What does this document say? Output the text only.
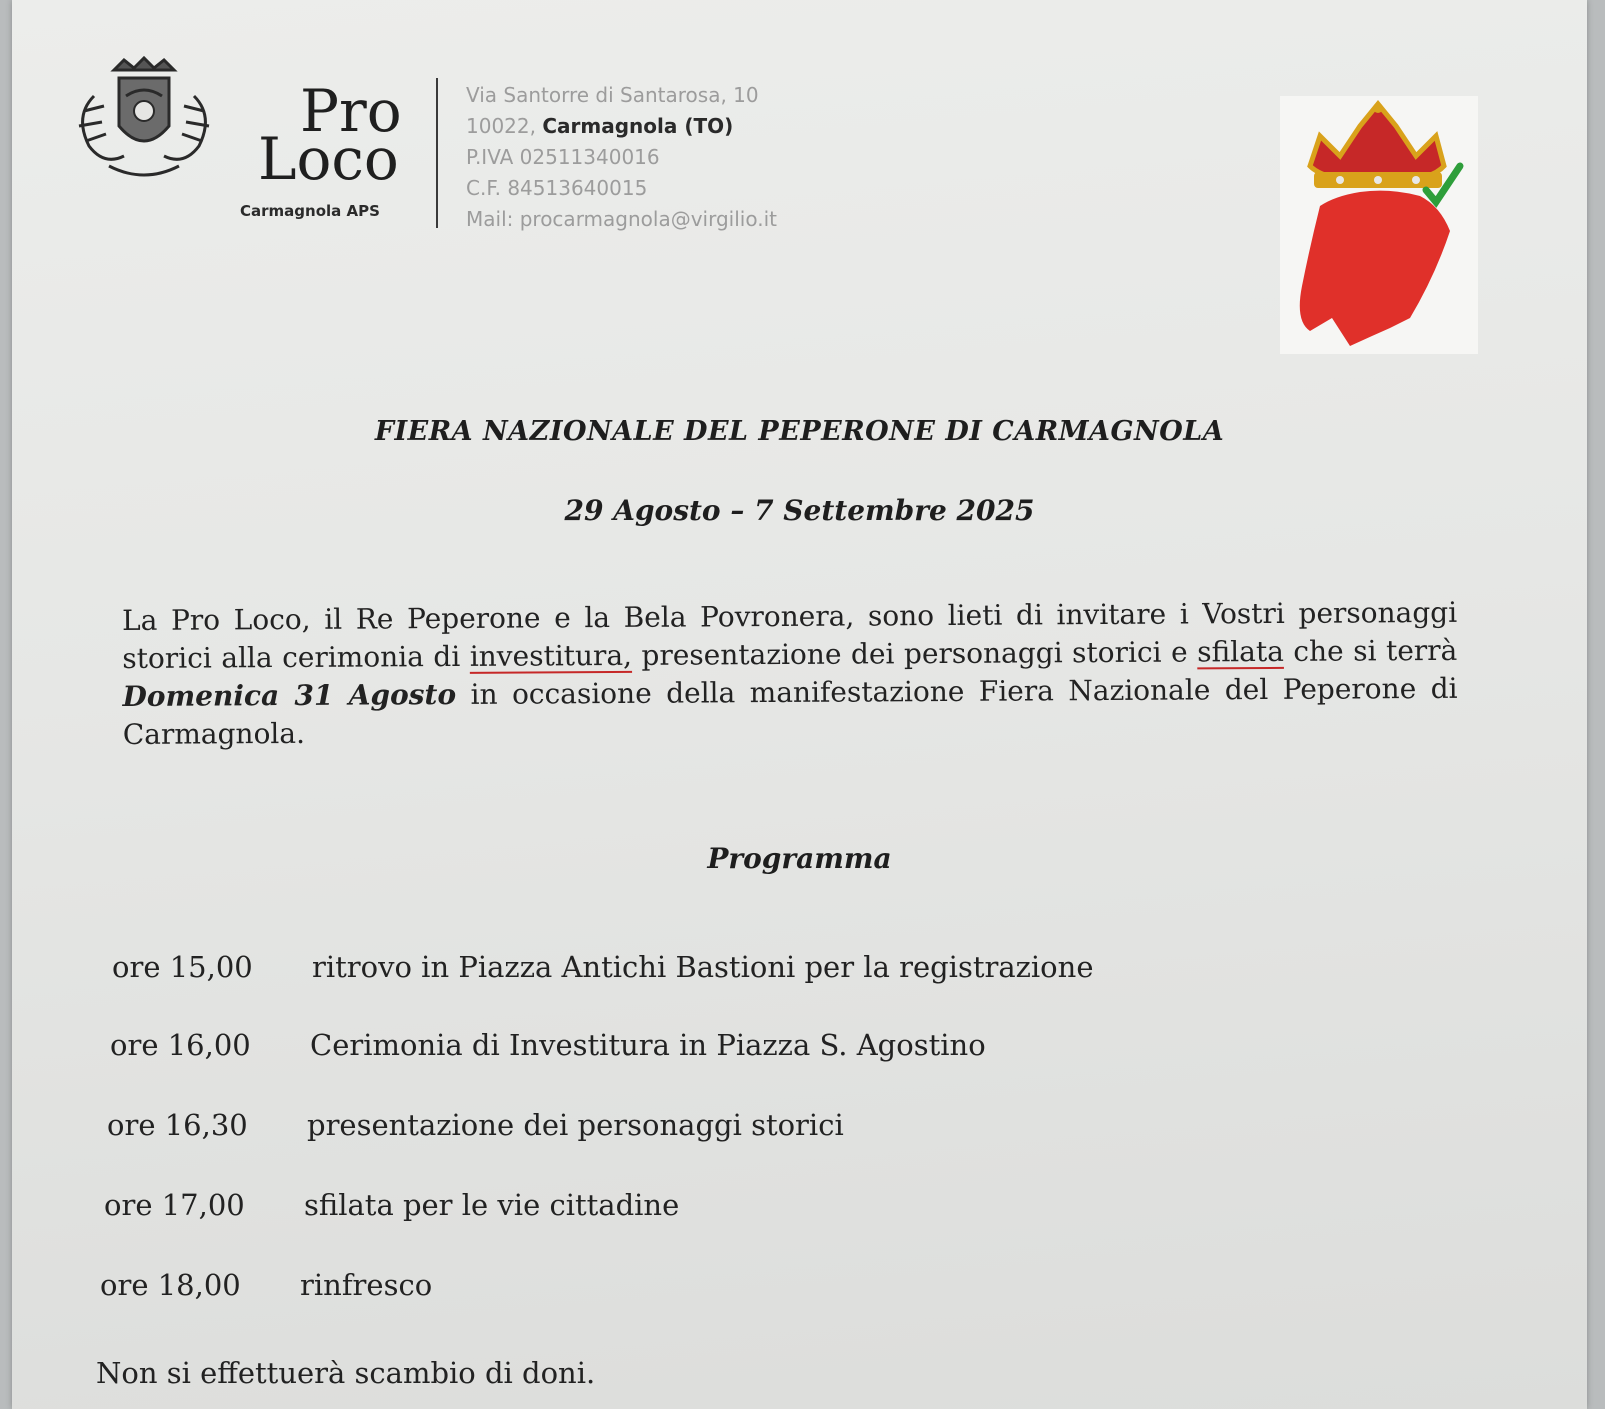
Pro
Loco
Carmagnola APS
Via Santorre di Santarosa, 10
10022, Carmagnola (TO)
P.IVA 02511340016
C.F. 84513640015
Mail: procarmagnola@virgilio.it
FIERA NAZIONALE DEL PEPERONE DI CARMAGNOLA
29 Agosto – 7 Settembre 2025
La Pro Loco, il Re Peperone e la Bela Povronera, sono lieti di invitare i Vostri personaggi storici alla cerimonia di investitura, presentazione dei personaggi storici e sfilata che si terrà Domenica 31 Agosto in occasione della manifestazione Fiera Nazionale del Peperone di Carmagnola.
Programma
ore 15,00 ritrovo in Piazza Antichi Bastioni per la registrazione
ore 16,00 Cerimonia di Investitura in Piazza S. Agostino
ore 16,30 presentazione dei personaggi storici
ore 17,00 sfilata per le vie cittadine
ore 18,00 rinfresco
Non si effettuerà scambio di doni.
